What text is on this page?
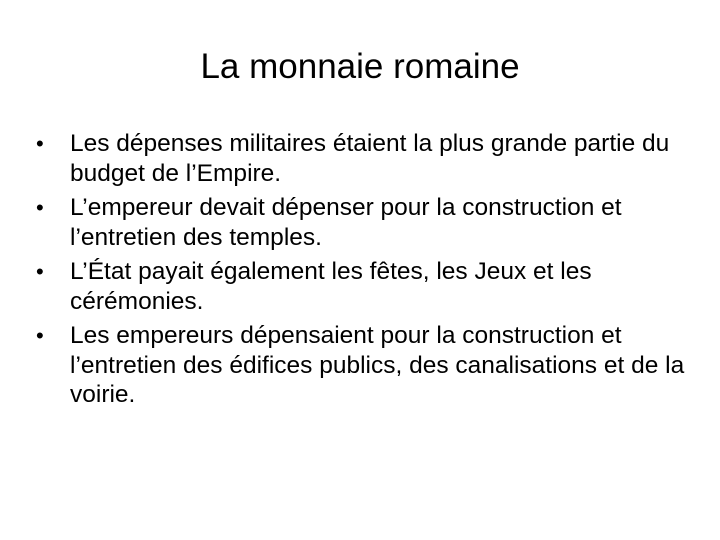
La monnaie romaine
•	Les dépenses militaires étaient la plus grande partie du budget de l’Empire.
•	L’empereur devait dépenser pour la construction et l’entretien des temples.
•	L’État payait également les fêtes, les Jeux et les cérémonies.
•	Les empereurs dépensaient pour la construction et l’entretien des édifices publics, des canalisations et de la voirie.
